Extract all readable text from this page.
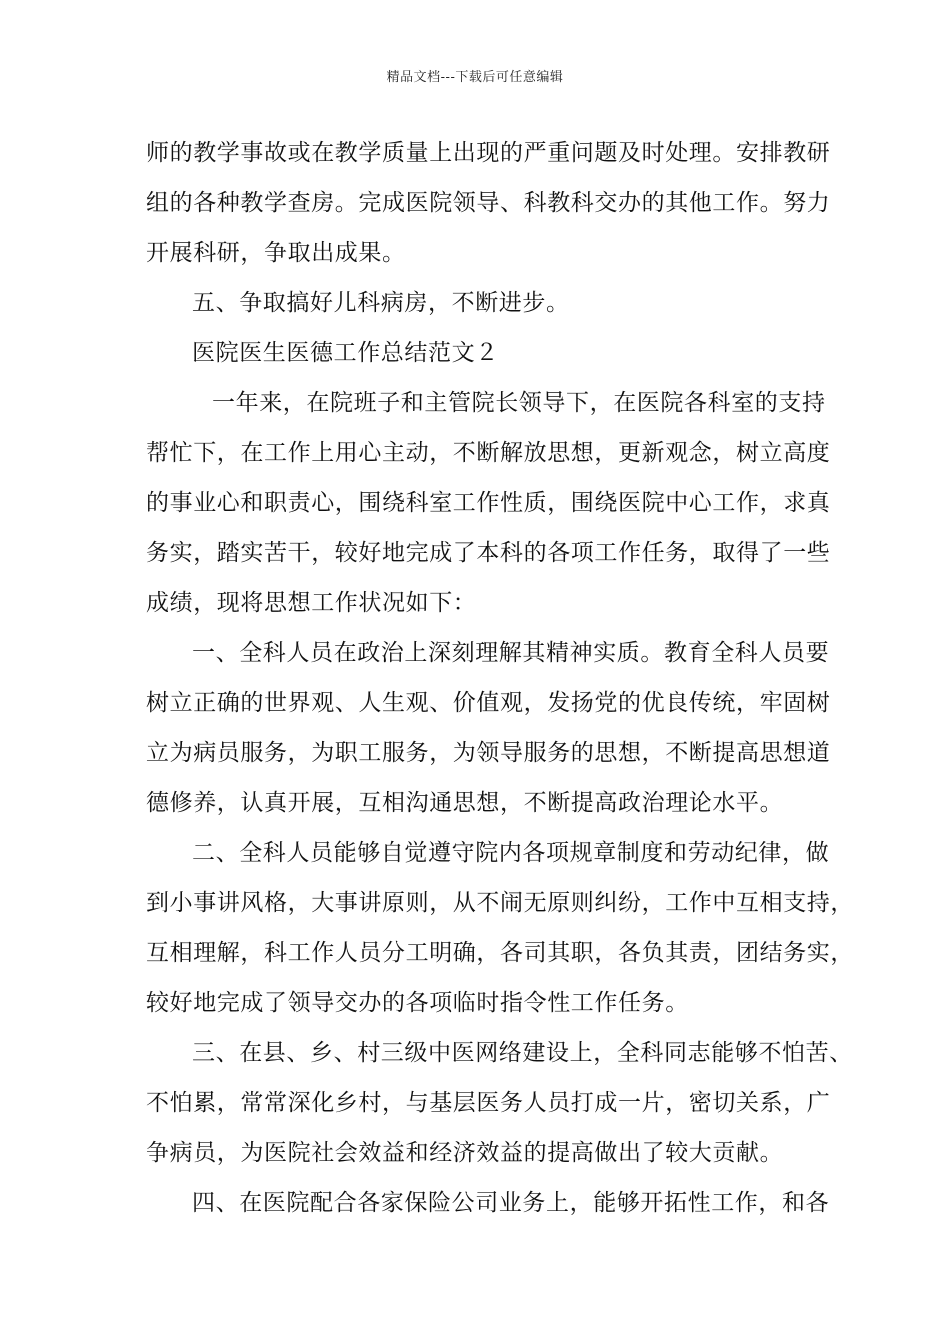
精品文档---下载后可任意编辑
师的教学事故或在教学质量上出现的严重问题及时处理。安排教研
组的各种教学查房。完成医院领导、科教科交办的其他工作。努力
开展科研，争取出成果。
五、争取搞好儿科病房，不断进步。
医院医生医德工作总结范文２
一年来，在院班子和主管院长领导下，在医院各科室的支持
帮忙下，在工作上用心主动，不断解放思想，更新观念，树立高度
的事业心和职责心，围绕科室工作性质，围绕医院中心工作，求真
务实，踏实苦干，较好地完成了本科的各项工作任务，取得了一些
成绩，现将思想工作状况如下：
一、全科人员在政治上深刻理解其精神实质。教育全科人员要
树立正确的世界观、人生观、价值观，发扬党的优良传统，牢固树
立为病员服务，为职工服务，为领导服务的思想，不断提高思想道
德修养，认真开展，互相沟通思想，不断提高政治理论水平。
二、全科人员能够自觉遵守院内各项规章制度和劳动纪律，做
到小事讲风格，大事讲原则，从不闹无原则纠纷，工作中互相支持，
互相理解，科工作人员分工明确，各司其职，各负其责，团结务实，
较好地完成了领导交办的各项临时指令性工作任务。
三、在县、乡、村三级中医网络建设上，全科同志能够不怕苦、
不怕累，常常深化乡村，与基层医务人员打成一片，密切关系，广
争病员，为医院社会效益和经济效益的提高做出了较大贡献。
四、在医院配合各家保险公司业务上，能够开拓性工作，和各
